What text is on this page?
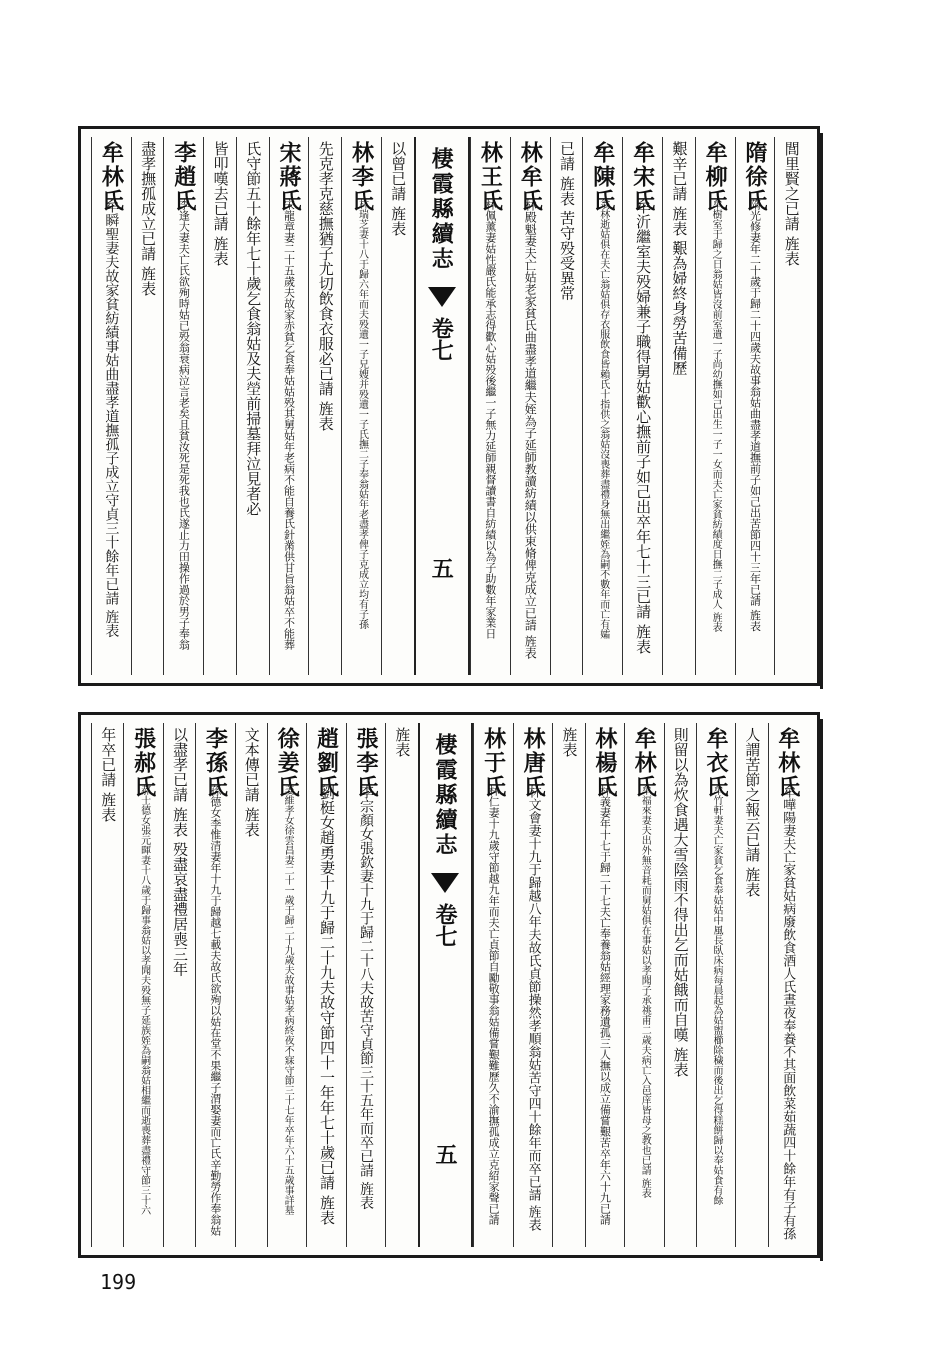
閭里賢之已請 旌表
隋徐氏
隋光修妻年二十歲于歸二十四歲夫故事翁姑曲盡孝道撫前子如己出苦節四十三年已請 旌表
牟柳氏
牟樹室于歸之日翁姑皆沒前室遺一子尚幼撫如己出生一子一女而夫亡家貧紡績度日撫二子成人 旌表
艱辛已請 旌表 艱為婦終身勞苦備歷
牟宋氏
牟沂繼室夫殁婦兼子職得舅姑歡心撫前子如己出卒年七十三已請 旌表
牟陳氏
翁林逝姑俱在夫亡翁姑俱存衣服飲食皆賴氏十指供之翁姑沒喪葬盡禮身無出繼姪為嗣不數年而亡有孀
已請 旌表 苦守殁受異常
林牟氏
林殿魁妻夫亡姑老家貧氏曲盡孝道繼夫姪為子延師教讀紡績以供束脩俾克成立已請 旌表
林王氏
林佩薰妻姑性嚴氏能承志得歡心姑殁後繼一子無力延師親督讀書自紡績以為子助數年家業日
棲霞縣續志
卷七
五
以曾已請 旌表
林李氏
林瑞芝妻十八于歸六年而夫殁遺一子兄嫂并殁遺一子氏撫二子奉翁姑年老盡孝俾子克成立均有子孫
先克孝克慈撫猶子尤切飲食衣服必已請 旌表
宋蔣氏
宋龍章妻二十五歲夫故家赤貧乞食奉姑姑殁其舅姑年老病不能自養氏針黹供甘旨翁姑卒不能葬
氏守節五十餘年七十歲乞食翁姑及夫塋前掃墓拜泣見者必
皆叩嘆去已請 旌表
李趙氏
李逢大妻夫亡氏欲殉時姑已殁翁衰病泣言老矣且貧汝死是死我也氏遂止力田操作過於男子奉翁
盡孝撫孤成立已請 旌表
牟林氏
牟瞬聖妻夫故家貧紡績事姑曲盡孝道撫孤子成立守貞三十餘年已請 旌表
牟林氏
牟嘩陽妻夫亡家貧姑病廢飲食酒人氏晝夜奉養不其面飲菜茹蔬四十餘年有子有孫
人謂苦節之報云已請 旌表
牟衣氏
牟竹軒妻夫亡家貧乞食奉姑姑中風長臥床病每晨起為姑盥櫛除穢而後出乞得糕餅歸以奉姑食有餘
則留以為炊食遇大雪陰雨不得出乞而姑餓而自嘆 旌表
牟林氏
牟福來妻夫出外無音耗而舅姑俱在事姑以孝聞子承祧甫二歲夫病亡入邑庠皆母之教也已請 旌表
林楊氏
林義妻年十七于歸二十七夫亡奉養翁姑經理家務遺孤三人撫以成立備嘗艱苦卒年六十九已請
旌表
林唐氏
林文會妻十九于歸越八年夫故氏貞節操然孝順翁姑苦守四十餘年而卒已請 旌表
林于氏
林仁妻十九歲守節越九年而夫亡貞節自勵敬事翁姑備嘗艱難歷久不渝撫孤成立克紹家聲已請
棲霞縣續志
卷七
五
旌表
張李氏
李宗顏女張欽妻十九于歸二十八夫故苦守貞節三十五年而卒已請 旌表
趙劉氏
劉梃女趙勇妻十九于歸二十九夫故守節四十一年年七十歲已請 旌表
徐姜氏
姜維孝女徐雲昌妻二十一歲于歸二十九歲夫故事姑孝病終夜不寐守節三十七年卒年六十五歲事詳墓
文本傳已請 旌表
李孫氏
孫德女李惟清妻年十九于歸越七載夫故氏欲殉以姑在堂不果繼子渭娶妻而亡氏辛勤勞作奉翁姑
以盡孝已請 旌表 殁盡哀盡禮居喪三年
張郝氏
郝士德女張元暉妻十八歲于歸事翁姑以孝聞夫殁無子延族姪為嗣翁姑相繼而逝喪葬盡禮守節三十六
年卒已請 旌表
199
